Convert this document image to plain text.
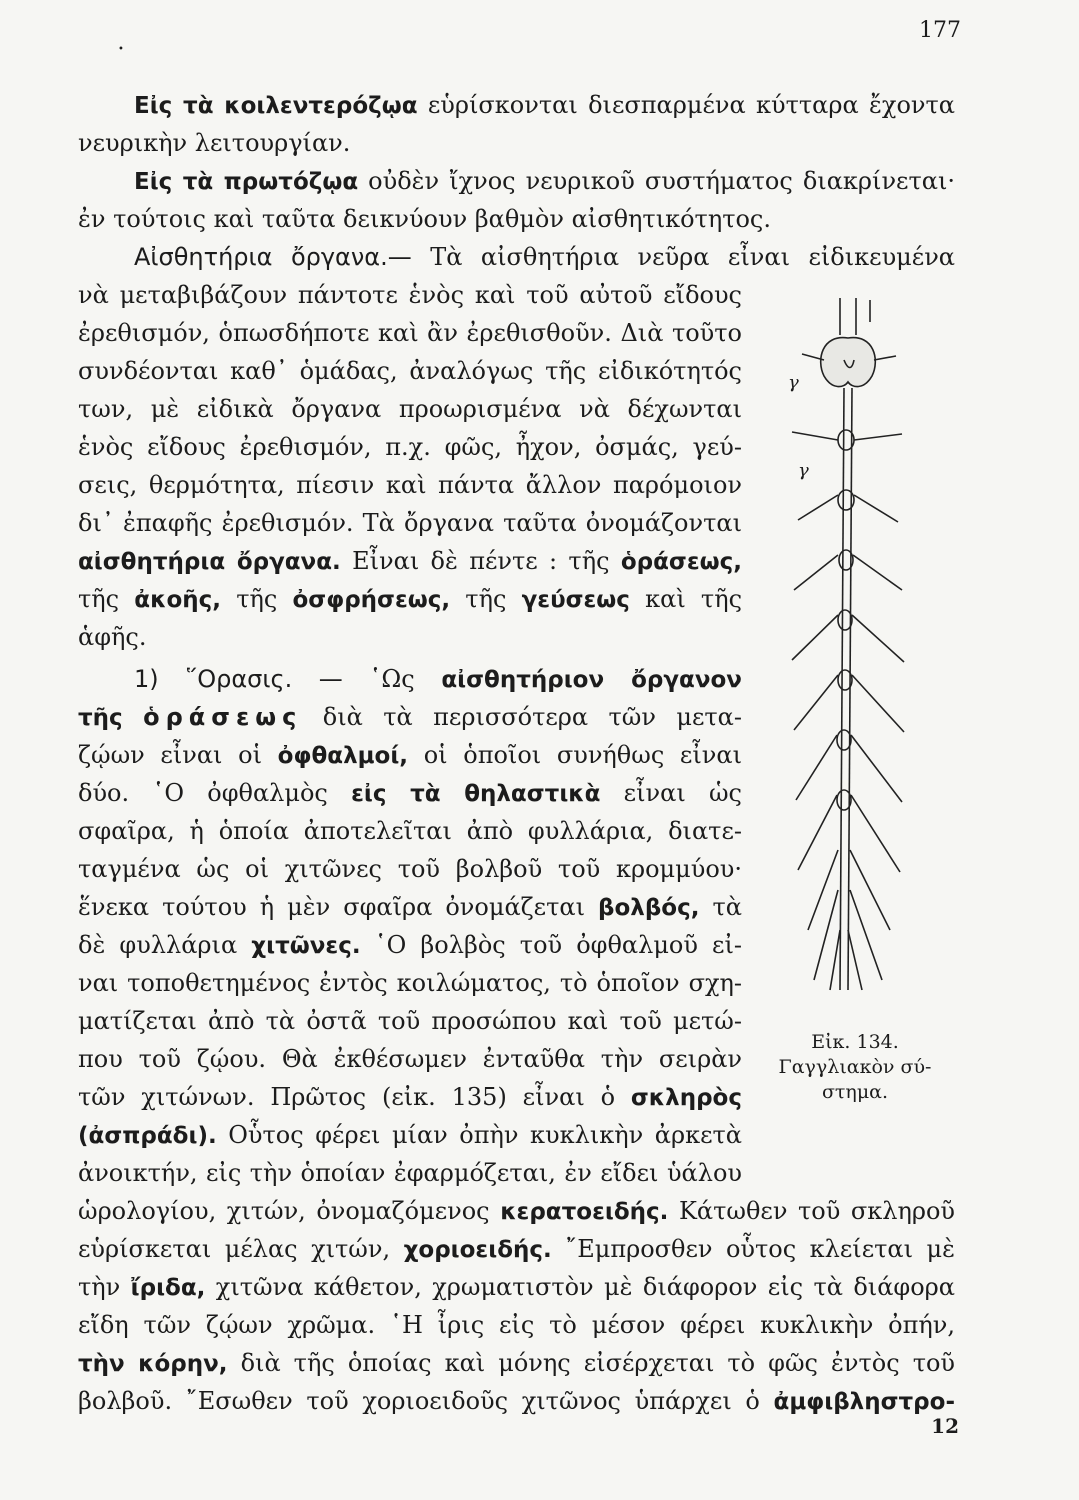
•
177
Εἰς τὰ κοιλεντερόζῳα εὑρίσκονται διεσπαρμένα κύτταρα ἔχοντα
νευρικὴν λειτουργίαν.
Εἰς τὰ πρωτόζῳα οὐδὲν ἴχνος νευρικοῦ συστήματος διακρίνεται·
ἐν τούτοις καὶ ταῦτα δεικνύουν βαθμὸν αἰσθητικότητος.
Αἰσθητήρια ὄργανα.— Τὰ αἰσθητήρια νεῦρα εἶναι εἰδικευμένα
νὰ μεταβιβάζουν πάντοτε ἑνὸς καὶ τοῦ αὐτοῦ εἴδους
ἐρεθισμόν, ὁπωσδήποτε καὶ ἂν ἐρεθισθοῦν. Διὰ τοῦτο
συνδέονται καθ᾿ ὁμάδας, ἀναλόγως τῆς εἰδικότητός
των, μὲ εἰδικὰ ὄργανα προωρισμένα νὰ δέχωνται
ἑνὸς εἴδους ἐρεθισμόν, π.χ. φῶς, ἦχον, ὀσμάς, γεύ-
σεις, θερμότητα, πίεσιν καὶ πάντα ἄλλον παρόμοιον
δι᾿ ἐπαφῆς ἐρεθισμόν. Τὰ ὄργανα ταῦτα ὀνομάζονται
αἰσθητήρια ὄργανα. Εἶναι δὲ πέντε : τῆς ὁράσεως,
τῆς ἀκοῆς, τῆς ὀσφρήσεως, τῆς γεύσεως καὶ τῆς
ἁφῆς.
1) ῞Ορασις. — ῾Ως αἰσθητήριον ὄργανον
τῆς ὁράσεως διὰ τὰ περισσότερα τῶν μετα-
ζῴων εἶναι οἱ ὀφθαλμοί, οἱ ὁποῖοι συνήθως εἶναι
δύο. ῾Ο ὀφθαλμὸς εἰς τὰ θηλαστικὰ εἶναι ὡς
σφαῖρα, ἡ ὁποία ἀποτελεῖται ἀπὸ φυλλάρια, διατε-
ταγμένα ὡς οἱ χιτῶνες τοῦ βολβοῦ τοῦ κρομμύου·
ἕνεκα τούτου ἡ μὲν σφαῖρα ὀνομάζεται βολβός, τὰ
δὲ φυλλάρια χιτῶνες. ῾Ο βολβὸς τοῦ ὀφθαλμοῦ εἰ-
ναι τοποθετημένος ἐντὸς κοιλώματος, τὸ ὁποῖον σχη-
ματίζεται ἀπὸ τὰ ὀστᾶ τοῦ προσώπου καὶ τοῦ μετώ-
που τοῦ ζῴου. Θὰ ἐκθέσωμεν ἐνταῦθα τὴν σειρὰν
τῶν χιτώνων. Πρῶτος (εἰκ. 135) εἶναι ὁ σκληρὸς
(ἀσπράδι). Οὗτος φέρει μίαν ὀπὴν κυκλικὴν ἀρκετὰ
ἀνοικτήν, εἰς τὴν ὁποίαν ἐφαρμόζεται, ἐν εἴδει ὑάλου
ὡρολογίου, χιτών, ὀνομαζόμενος κερατοειδής. Κάτωθεν τοῦ σκληροῦ
εὑρίσκεται μέλας χιτών, χοριοειδής. ῎Εμπροσθεν οὗτος κλείεται μὲ
τὴν ἴριδα, χιτῶνα κάθετον, χρωματιστὸν μὲ διάφορον εἰς τὰ διάφορα
εἴδη τῶν ζῴων χρῶμα. ῾Η ἶρις εἰς τὸ μέσον φέρει κυκλικὴν ὀπήν,
τὴν κόρην, διὰ τῆς ὁποίας καὶ μόνης εἰσέρχεται τὸ φῶς ἐντὸς τοῦ
βολβοῦ. ῎Εσωθεν τοῦ χοριοειδοῦς χιτῶνος ὑπάρχει ὁ ἀμφιβληστρο-
12
γ
γ
Εἰκ. 134.
Γαγγλιακὸν σύ-
στημα.
